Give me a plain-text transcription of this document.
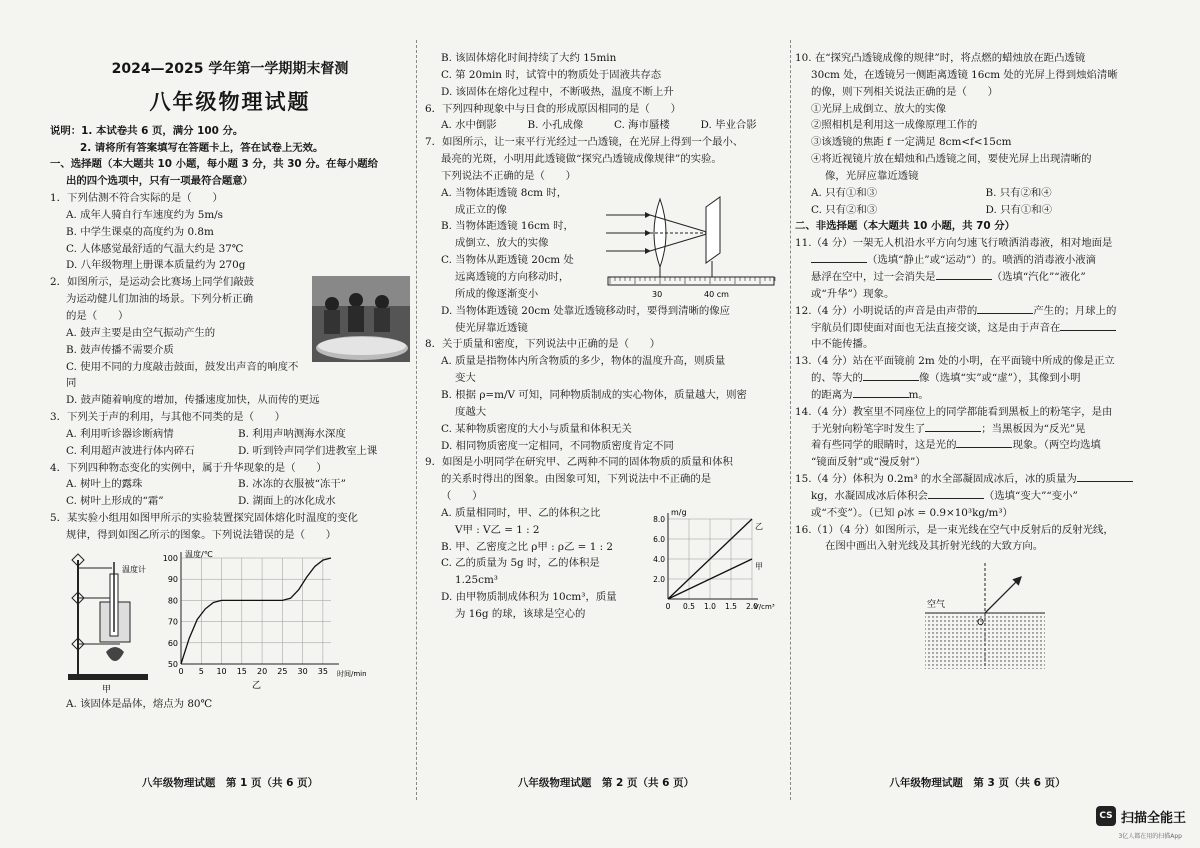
2024—2025 学年第一学期期末督测
八年级物理试题
说明：1. 本试卷共 6 页，满分 100 分。
2. 请将所有答案填写在答题卡上，答在试卷上无效。
一、选择题（本大题共 10 小题，每小题 3 分，共 30 分。在每小题给
出的四个选项中，只有一项最符合题意）
1．下列估测不符合实际的是（　　）
A. 成年人骑自行车速度约为 5m/s
B. 中学生课桌的高度约为 0.8m
C. 人体感觉最舒适的气温大约是 37℃
D. 八年级物理上册课本质量约为 270g
2．如图所示，是运动会比赛场上同学们敲鼓
为运动健儿们加油的场景。下列分析正确
的是（　　）
A. 鼓声主要是由空气振动产生的
B. 鼓声传播不需要介质
C. 使用不同的力度敲击鼓面，鼓发出声音的响度不同
D. 鼓声随着响度的增加，传播速度加快，从而传的更远
3．下列关于声的利用，与其他不同类的是（　　）
A. 利用听诊器诊断病情	B. 利用声呐测海水深度
C. 利用超声波进行体内碎石	D. 听到铃声同学们进教室上课
4．下列四种物态变化的实例中，属于升华现象的是（　　）
A. 树叶上的露珠	B. 冰冻的衣服被“冻干”
C. 树叶上形成的“霜”	D. 湖面上的冰化成水
5．某实验小组用如图甲所示的实验装置探究固体熔化时温度的变化
规律，得到如图乙所示的图象。下列说法错误的是（　　）
温度计
甲
0 5 10 15 20 25 30 35
50
60
70
80
90
100 温度/℃
时间/min
乙
A. 该固体是晶体，熔点为 80℃
八年级物理试题　第 1 页（共 6 页）
B. 该固体熔化时间持续了大约 15min
C. 第 20min 时，试管中的物质处于固液共存态
D. 该固体在熔化过程中，不断吸热，温度不断上升
6．下列四种现象中与日食的形成原因相同的是（　　）
A. 水中倒影	B. 小孔成像	C. 海市蜃楼	D. 毕业合影
7．如图所示，让一束平行光经过一凸透镜，在光屏上得到一个最小、
最亮的光斑，小明用此透镜做“探究凸透镜成像规律”的实验。
下列说法不正确的是（　　）
A. 当物体距透镜 8cm 时，
成正立的像
B. 当物体距透镜 16cm 时，
成倒立、放大的实像
C. 当物体从距透镜 20cm 处
远离透镜的方向移动时，
所成的像逐渐变小	30	40 cm
D. 当物体距透镜 20cm 处靠近透镜移动时，要得到清晰的像应
使光屏靠近透镜
8．关于质量和密度，下列说法中正确的是（　　）
A. 质量是指物体内所含物质的多少，物体的温度升高，则质量
变大
B. 根据 ρ=m/V 可知，同种物质制成的实心物体，质量越大，则密
度越大
C. 某种物质密度的大小与质量和体积无关
D. 相同物质密度一定相同，不同物质密度肯定不同
9．如图是小明同学在研究甲、乙两种不同的固体物质的质量和体积
的关系时得出的图象。由图象可知，下列说法中不正确的是
（　　）
A. 质量相同时，甲、乙的体积之比
V甲 : V乙 = 1 : 2
B. 甲、乙密度之比 ρ甲 : ρ乙 = 1 : 2
C. 乙的质量为 5g 时，乙的体积是
1.25cm³
D. 由甲物质制成体积为 10cm³，质量
为 16g 的球，该球是空心的
0 0.5 1.0 1.5 2.0
2.0
4.0
6.0
8.0
乙
甲
m/g
V/cm³
八年级物理试题　第 2 页（共 6 页）
10. 在“探究凸透镜成像的规律”时，将点燃的蜡烛放在距凸透镜
30cm 处，在透镜另一侧距离透镜 16cm 处的光屏上得到烛焰清晰
的像，则下列相关说法正确的是（　　）
①光屏上成倒立、放大的实像
②照相机是利用这一成像原理工作的
③该透镜的焦距 f 一定满足 8cm<f<15cm
④将近视镜片放在蜡烛和凸透镜之间，要使光屏上出现清晰的
像，光屏应靠近透镜
A. 只有①和③	B. 只有②和④
C. 只有②和③	D. 只有①和④
二、非选择题（本大题共 10 小题，共 70 分）
11.（4 分）一架无人机沿水平方向匀速飞行喷洒消毒液，相对地面是
（选填“静止”或“运动”）的。喷洒的消毒液小液滴
悬浮在空中，过一会消失是	（选填“汽化”“液化”
或“升华”）现象。
12.（4 分）小明说话的声音是由声带的	产生的；月球上的
宇航员们即使面对面也无法直接交谈，这是由于声音在
中不能传播。
13.（4 分）站在平面镜前 2m 处的小明，在平面镜中所成的像是正立
的、等大的	像（选填“实”或“虚”），其像到小明
的距离为	m。
14.（4 分）教室里不同座位上的同学都能看到黑板上的粉笔字，是由
于光射向粉笔字时发生了	；当黑板因为“反光”晃
着有些同学的眼睛时，这是光的	现象。（两空均选填
“镜面反射”或“漫反射”）
15.（4 分）体积为 0.2m³ 的水全部凝固成冰后，冰的质量为
kg，水凝固成冰后体积会	（选填“变大”“变小”
或“不变”）。（已知 ρ冰 = 0.9×10³kg/m³）
16.（1）（4 分）如图所示，是一束光线在空气中反射后的反射光线，
在图中画出入射光线及其折射光线的大致方向。
空气
O
八年级物理试题　第 3 页（共 6 页）
CS 扫描全能王
3亿人都在用的扫描App
